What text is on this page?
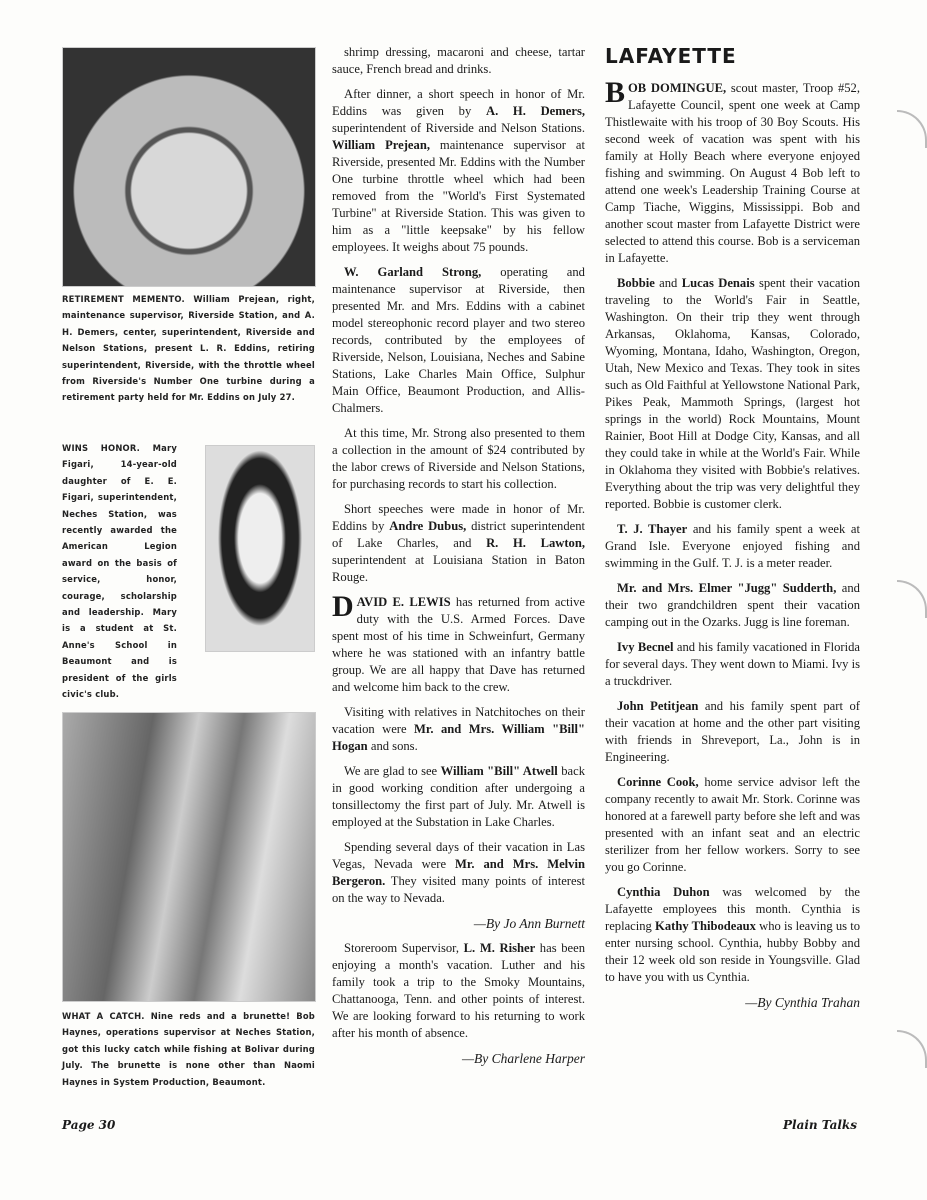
RETIREMENT MEMENTO. William Prejean, right, maintenance supervisor, Riverside Station, and A. H. Demers, center, superintendent, Riverside and Nelson Stations, present L. R. Eddins, retiring superintendent, Riverside, with the throttle wheel from Riverside's Number One turbine during a retirement party held for Mr. Eddins on July 27.
WINS HONOR. Mary Figari, 14-year-old daughter of E. E. Figari, superintendent, Neches Station, was recently awarded the American Legion award on the basis of service, honor, courage, scholarship and leadership. Mary is a student at St. Anne's School in Beaumont and is president of the girls civic's club.
WHAT A CATCH. Nine reds and a brunette! Bob Haynes, operations supervisor at Neches Station, got this lucky catch while fishing at Bolivar during July. The brunette is none other than Naomi Haynes in System Production, Beaumont.

shrimp dressing, macaroni and cheese, tartar sauce, French bread and drinks.

After dinner, a short speech in honor of Mr. Eddins was given by A. H. Demers, superintendent of Riverside and Nelson Stations. William Prejean, maintenance supervisor at Riverside, presented Mr. Eddins with the Number One turbine throttle wheel which had been removed from the "World's First Systemated Turbine" at Riverside Station. This was given to him as a "little keepsake" by his fellow employees. It weighs about 75 pounds.

W. Garland Strong, operating and maintenance supervisor at Riverside, then presented Mr. and Mrs. Eddins with a cabinet model stereophonic record player and two stereo records, contributed by the employees of Riverside, Nelson, Louisiana, Neches and Sabine Stations, Lake Charles Main Office, Sulphur Main Office, Beaumont Production, and Allis-Chalmers.

At this time, Mr. Strong also presented to them a collection in the amount of $24 contributed by the labor crews of Riverside and Nelson Stations, for purchasing records to start his collection.

Short speeches were made in honor of Mr. Eddins by Andre Dubus, district superintendent of Lake Charles, and R. H. Lawton, superintendent at Louisiana Station in Baton Rouge.

DAVID E. LEWIS has returned from active duty with the U.S. Armed Forces. Dave spent most of his time in Schweinfurt, Germany where he was stationed with an infantry battle group. We are all happy that Dave has returned and welcome him back to the crew.

Visiting with relatives in Natchitoches on their vacation were Mr. and Mrs. William "Bill" Hogan and sons.

We are glad to see William "Bill" Atwell back in good working condition after undergoing a tonsillectomy the first part of July. Mr. Atwell is employed at the Substation in Lake Charles.

Spending several days of their vacation in Las Vegas, Nevada were Mr. and Mrs. Melvin Bergeron. They visited many points of interest on the way to Nevada.

—By Jo Ann Burnett

Storeroom Supervisor, L. M. Risher has been enjoying a month's vacation. Luther and his family took a trip to the Smoky Mountains, Chattanooga, Tenn. and other points of interest. We are looking forward to his returning to work after his month of absence.

—By Charlene Harper

LAFAYETTE

BOB DOMINGUE, scout master, Troop #52, Lafayette Council, spent one week at Camp Thistlewaite with his troop of 30 Boy Scouts. His second week of vacation was spent with his family at Holly Beach where everyone enjoyed fishing and swimming. On August 4 Bob left to attend one week's Leadership Training Course at Camp Tiache, Wiggins, Mississippi. Bob and another scout master from Lafayette District were selected to attend this course. Bob is a serviceman in Lafayette.

Bobbie and Lucas Denais spent their vacation traveling to the World's Fair in Seattle, Washington. On their trip they went through Arkansas, Oklahoma, Kansas, Colorado, Wyoming, Montana, Idaho, Washington, Oregon, Utah, New Mexico and Texas. They took in sites such as Old Faithful at Yellowstone National Park, Pikes Peak, Mammoth Springs, (largest hot springs in the world) Rock Mountains, Mount Rainier, Boot Hill at Dodge City, Kansas, and all they could take in while at the World's Fair. While in Oklahoma they visited with Bobbie's relatives. Everything about the trip was very delightful they reported. Bobbie is customer clerk.

T. J. Thayer and his family spent a week at Grand Isle. Everyone enjoyed fishing and swimming in the Gulf. T. J. is a meter reader.

Mr. and Mrs. Elmer "Jugg" Sudderth, and their two grandchildren spent their vacation camping out in the Ozarks. Jugg is line foreman.

Ivy Becnel and his family vacationed in Florida for several days. They went down to Miami. Ivy is a truckdriver.

John Petitjean and his family spent part of their vacation at home and the other part visiting with friends in Shreveport, La., John is in Engineering.

Corinne Cook, home service advisor left the company recently to await Mr. Stork. Corinne was honored at a farewell party before she left and was presented with an infant seat and an electric sterilizer from her fellow workers. Sorry to see you go Corinne.

Cynthia Duhon was welcomed by the Lafayette employees this month. Cynthia is replacing Kathy Thibodeaux who is leaving us to enter nursing school. Cynthia, hubby Bobby and their 12 week old son reside in Youngsville. Glad to have you with us Cynthia.

—By Cynthia Trahan

Page 30	Plain Talks
